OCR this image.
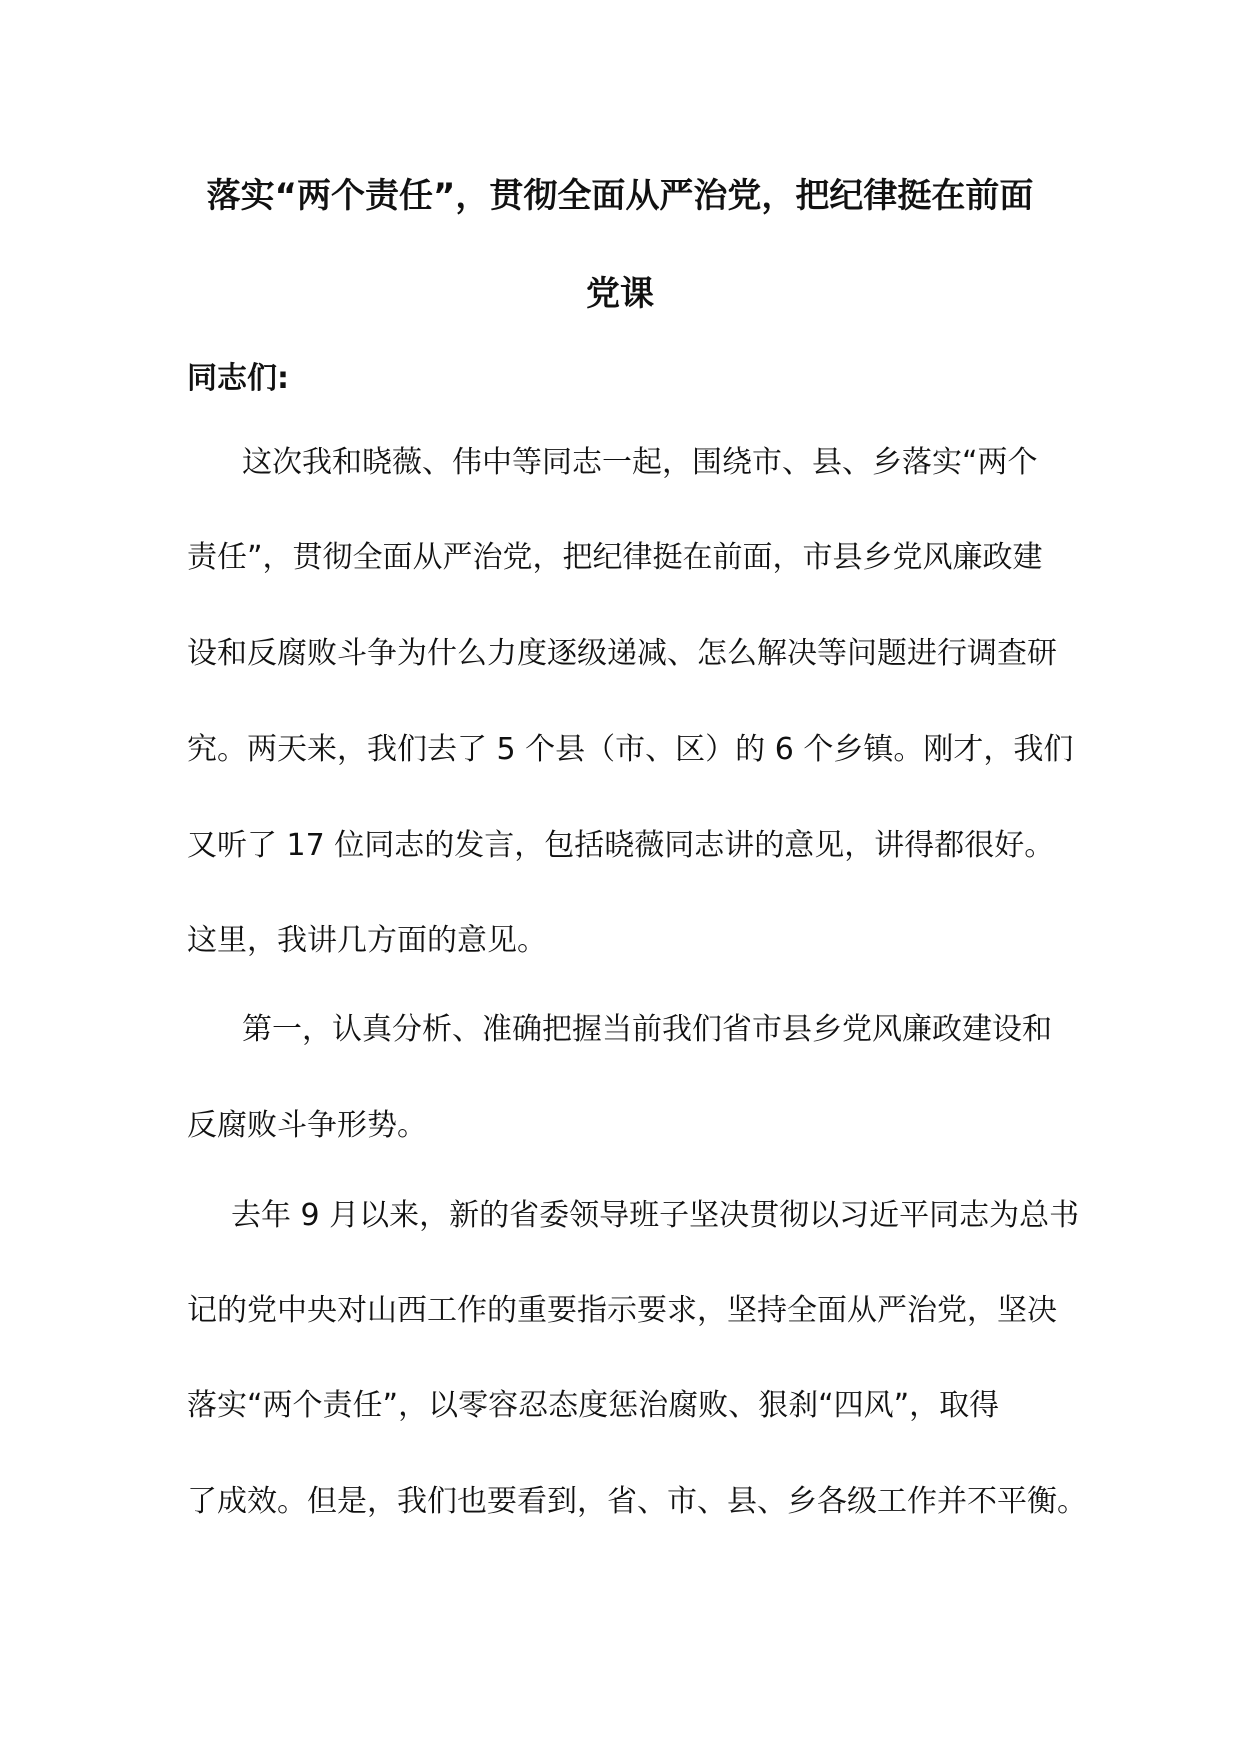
落实“两个责任”，贯彻全面从严治党，把纪律挺在前面
党课
同志们:
这次我和晓薇、伟中等同志一起，围绕市、县、乡落实“两个
责任”，贯彻全面从严治党，把纪律挺在前面，市县乡党风廉政建
设和反腐败斗争为什么力度逐级递减、怎么解决等问题进行调查研
究。两天来，我们去了 5 个县（市、区）的 6 个乡镇。刚才，我们
又听了 17 位同志的发言，包括晓薇同志讲的意见，讲得都很好。
这里，我讲几方面的意见。
第一，认真分析、准确把握当前我们省市县乡党风廉政建设和
反腐败斗争形势。
去年 9 月以来，新的省委领导班子坚决贯彻以习近平同志为总书
记的党中央对山西工作的重要指示要求，坚持全面从严治党，坚决
落实“两个责任”，以零容忍态度惩治腐败、狠刹“四风”，取得
了成效。但是，我们也要看到，省、市、县、乡各级工作并不平衡。
